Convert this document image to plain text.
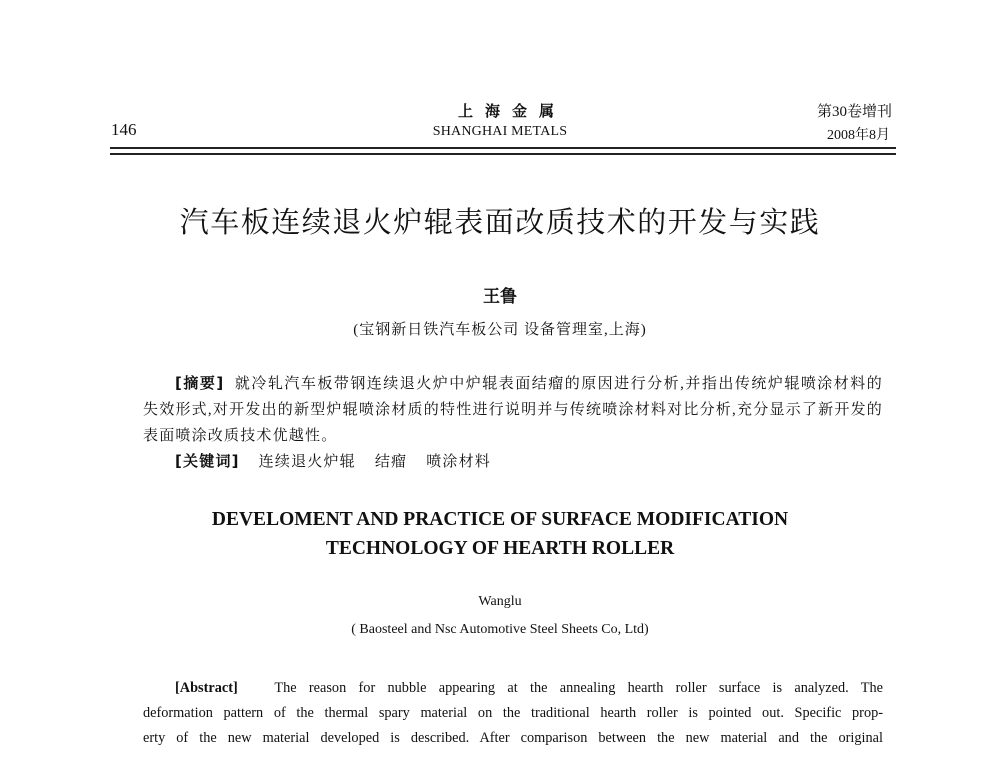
146
上海金属
SHANGHAI METALS
第30卷增刊
2008年8月
汽车板连续退火炉辊表面改质技术的开发与实践
王鲁
(宝钢新日铁汽车板公司 设备管理室,上海)
[摘要] 就冷轧汽车板带钢连续退火炉中炉辊表面结瘤的原因进行分析,并指出传统炉辊喷涂材料的失效形式,对开发出的新型炉辊喷涂材质的特性进行说明并与传统喷涂材料对比分析,充分显示了新开发的表面喷涂改质技术优越性。
[关键词] 连续退火炉辊 结瘤 喷涂材料
DEVELOMENT AND PRACTICE OF SURFACE MODIFICATION
TECHNOLOGY OF HEARTH ROLLER
Wanglu
( Baosteel and Nsc Automotive Steel Sheets Co, Ltd)
[Abstract]	The reason for nubble appearing at the annealing hearth roller surface is analyzed. The
deformation pattern of the thermal spary material on the traditional hearth roller is pointed out. Specific prop-
erty of the new material developed is described. After comparison between the new material and the original
